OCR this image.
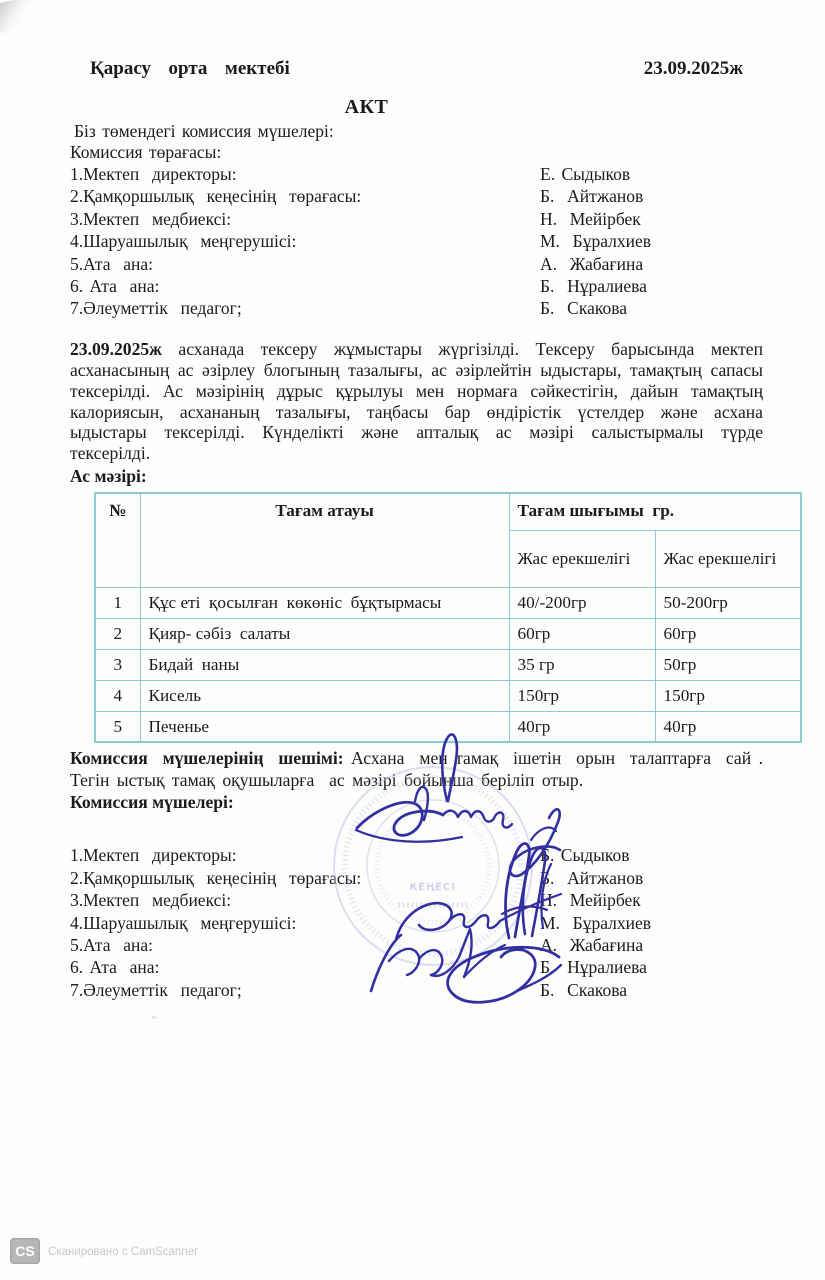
Қарасу  орта  мектебі	23.09.2025ж
АКТ
Біз төмендегі комиссия мүшелері:
Комиссия төрағасы:
1.Мектеп  директоры:	Е. Сыдыков
2.Қамқоршылық  кеңесінің  төрағасы:	Б.  Айтжанов
3.Мектеп  медбиексі:	Н.  Мейірбек
4.Шаруашылық  меңгерушісі:	М.  Бұралхиев
5.Ата  ана:	А.  Жабағина
6. Ата  ана:	Б.  Нұралиева
7.Әлеуметтік  педагог;	Б.  Скакова
23.09.2025ж асханада тексеру жұмыстары жүргізілді. Тексеру барысында мектеп асханасының ас әзірлеу блогының тазалығы, ас әзірлейтін ыдыстары, тамақтың сапасы тексерілді. Ас мәзірінің дұрыс құрылуы мен нормаға сәйкестігін, дайын тамақтың калориясын, асхананың тазалығы, таңбасы бар өндірістік үстелдер және асхана ыдыстары тексерілді. Күнделікті және апталық ас мәзірі салыстырмалы түрде тексерілді.
Ас мәзірі:
№	Тағам атауы	Тағам шығымы  гр.	
		Жас ерекшелігі	Жас ерекшелігі
1	Құс еті  қосылған  көкөніс  бұқтырмасы	40/-200гр	50-200гр
2	Қияр- сәбіз  салаты	60гр	60гр
3	Бидай  наны	35 гр	50гр
4	Кисель	150гр	150гр
5	Печенье	40гр	40гр
Комиссия  мүшелерінің  шешімі: Асхана  мен тамақ  ішетін  орын  талаптарға  сай . Тегін ыстық тамақ оқушыларға  ас мәзірі бойынша беріліп отыр.
Комиссия мүшелері:
1.Мектеп  директоры:	Б. Сыдыков
2.Қамқоршылық  кеңесінің  төрағасы:	Б.  Айтжанов
3.Мектеп  медбиексі:	Н.  Мейірбек
4.Шаруашылық  меңгерушісі:	М.  Бұралхиев
5.Ата  ана:	А.  Жабағина
6. Ата  ана:	Б.  Нұралиева
7.Әлеуметтік  педагог;	Б.  Скакова
КЕҢЕСІ
CS	Сканировано с CamScanner
